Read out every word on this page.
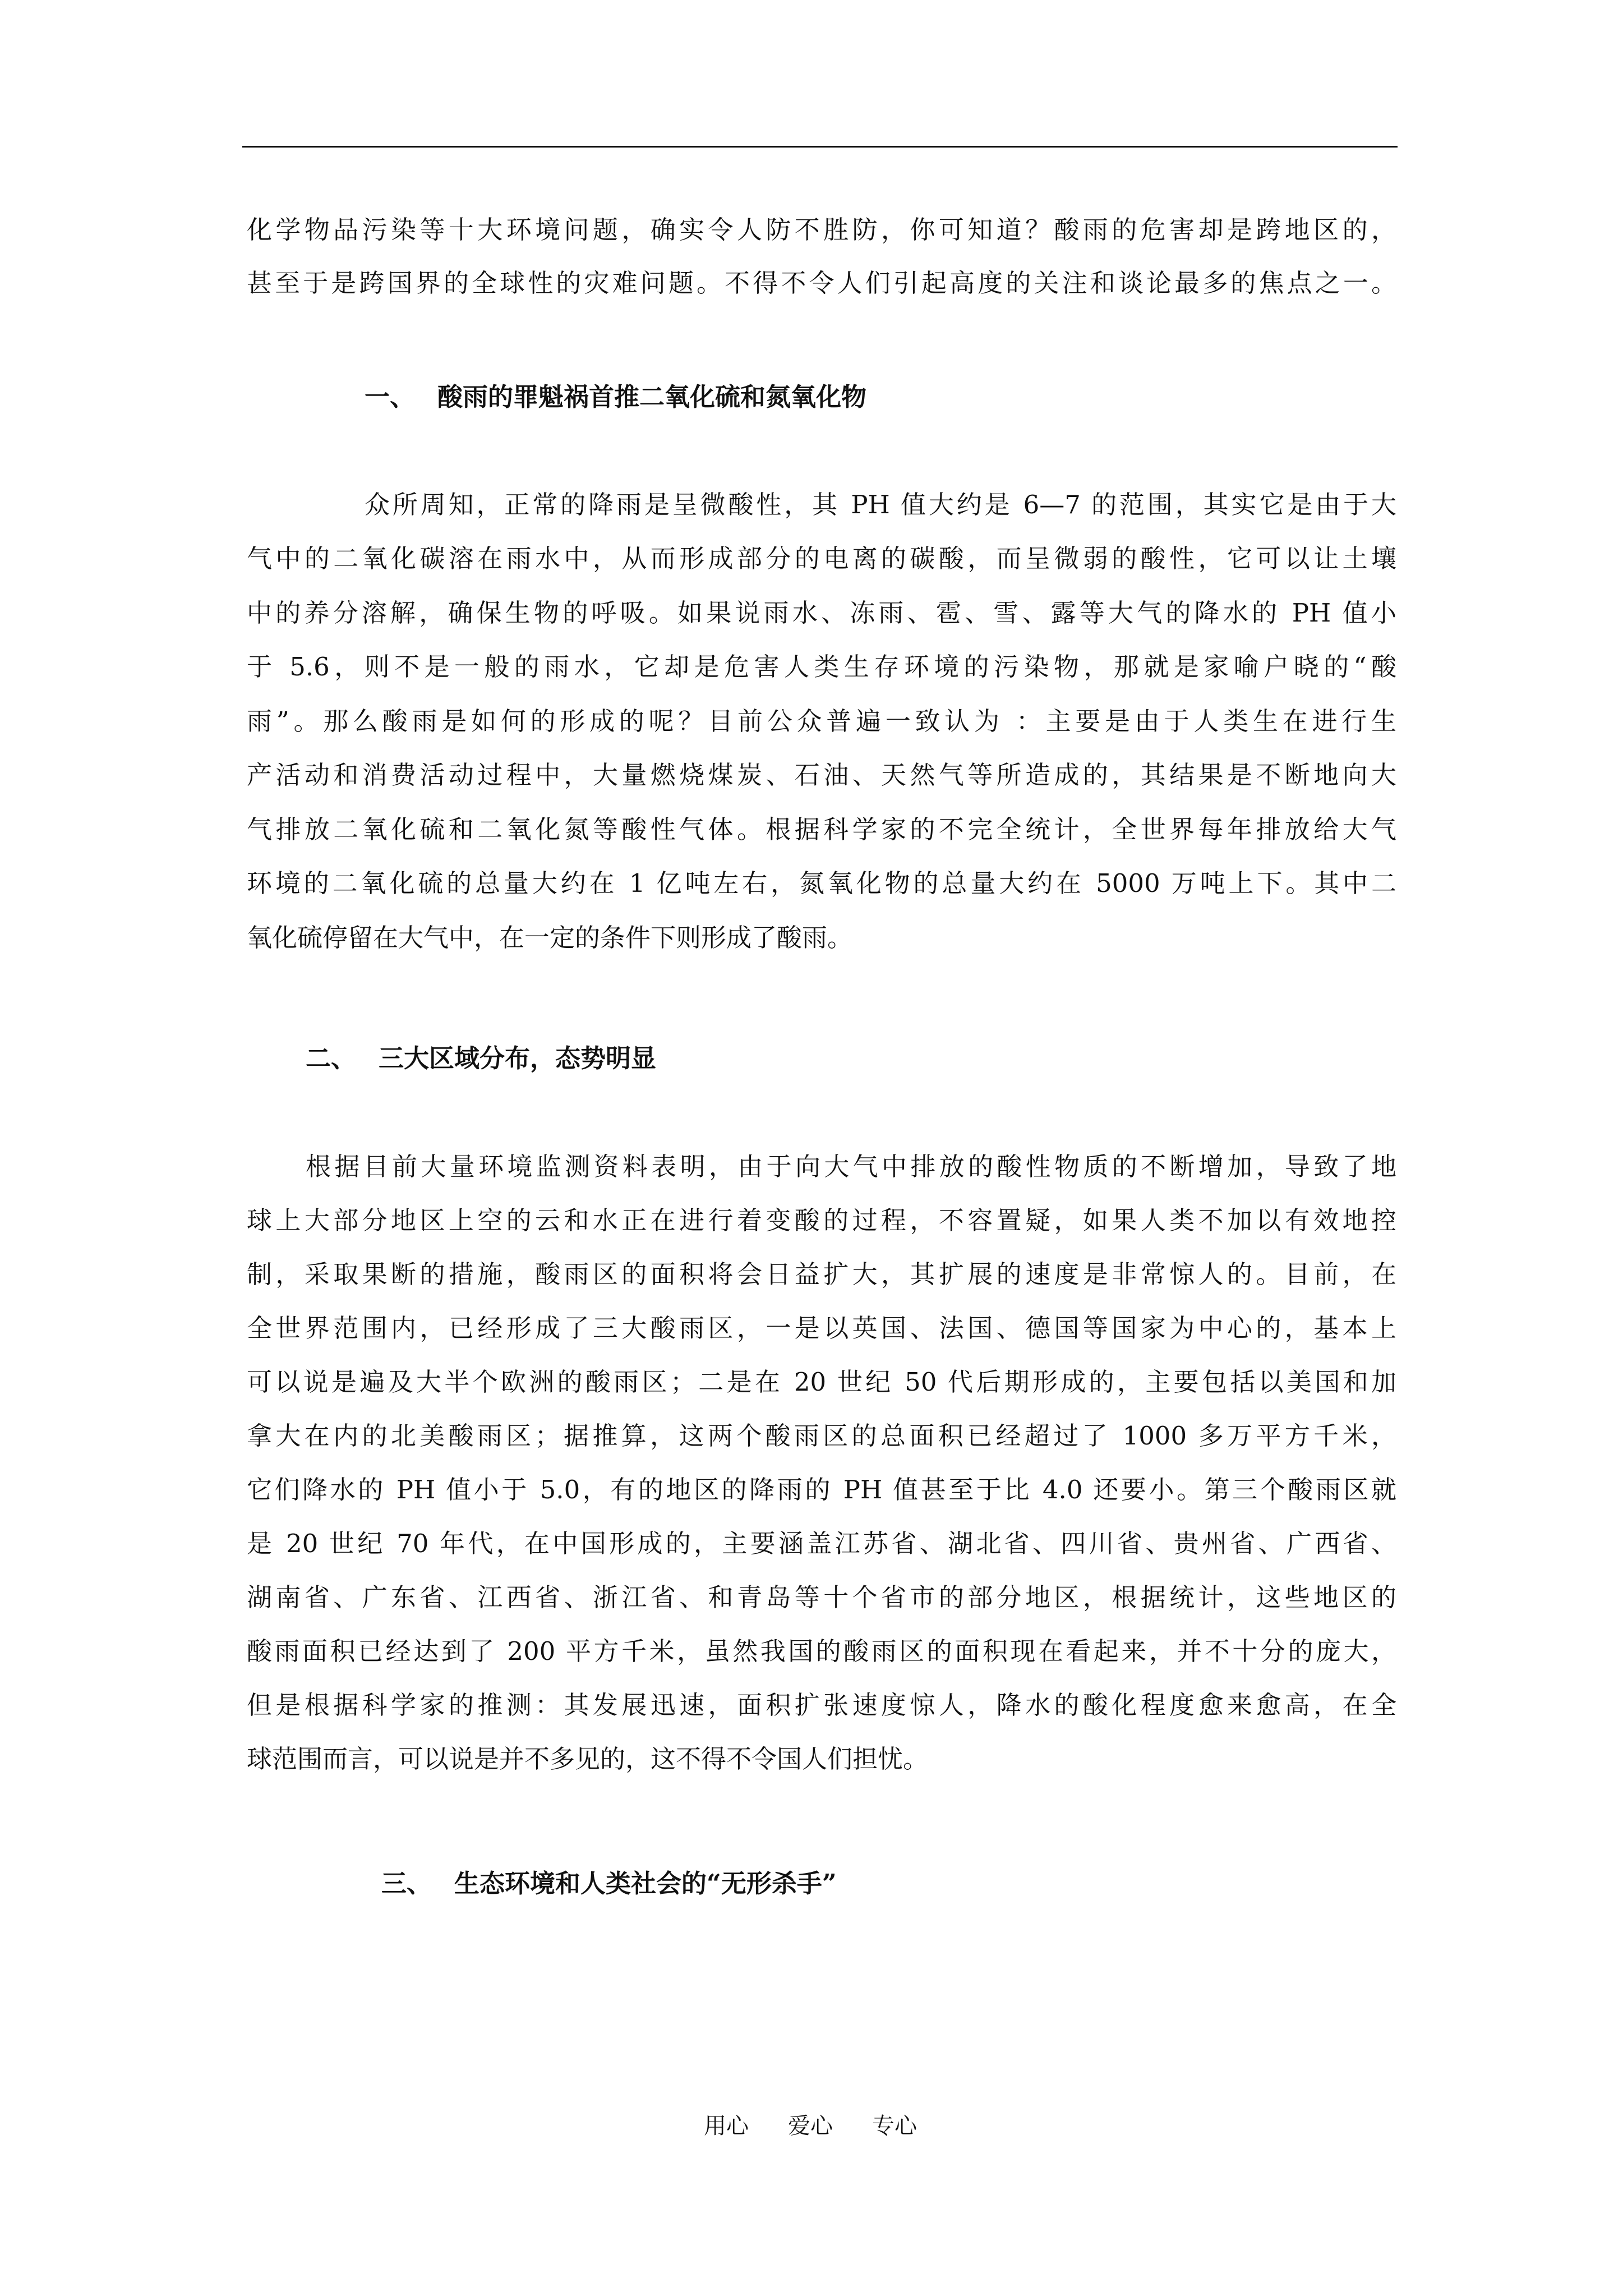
化学物品污染等十大环境问题，确实令人防不胜防，你可知道？酸雨的危害却是跨地区的，
甚至于是跨国界的全球性的灾难问题。不得不令人们引起高度的关注和谈论最多的焦点之一。
一、 酸雨的罪魁祸首推二氧化硫和氮氧化物
众所周知，正常的降雨是呈微酸性，其 PH 值大约是 6—7 的范围，其实它是由于大
气中的二氧化碳溶在雨水中，从而形成部分的电离的碳酸，而呈微弱的酸性，它可以让土壤
中的养分溶解，确保生物的呼吸。如果说雨水、冻雨、雹、雪、露等大气的降水的 PH 值小
于 5.6，则不是一般的雨水，它却是危害人类生存环境的污染物，那就是家喻户晓的“酸
雨”。那么酸雨是如何的形成的呢？目前公众普遍一致认为 ：主要是由于人类生在进行生
产活动和消费活动过程中，大量燃烧煤炭、石油、天然气等所造成的，其结果是不断地向大
气排放二氧化硫和二氧化氮等酸性气体。根据科学家的不完全统计，全世界每年排放给大气
环境的二氧化硫的总量大约在 1 亿吨左右，氮氧化物的总量大约在 5000 万吨上下。其中二
氧化硫停留在大气中，在一定的条件下则形成了酸雨。
二、 三大区域分布，态势明显
根据目前大量环境监测资料表明，由于向大气中排放的酸性物质的不断增加，导致了地
球上大部分地区上空的云和水正在进行着变酸的过程，不容置疑，如果人类不加以有效地控
制，采取果断的措施，酸雨区的面积将会日益扩大，其扩展的速度是非常惊人的。目前，在
全世界范围内，已经形成了三大酸雨区，一是以英国、法国、德国等国家为中心的，基本上
可以说是遍及大半个欧洲的酸雨区；二是在 20 世纪 50 代后期形成的，主要包括以美国和加
拿大在内的北美酸雨区；据推算，这两个酸雨区的总面积已经超过了 1000 多万平方千米，
它们降水的 PH 值小于 5.0，有的地区的降雨的 PH 值甚至于比 4.0 还要小。第三个酸雨区就
是 20 世纪 70 年代，在中国形成的，主要涵盖江苏省、湖北省、四川省、贵州省、广西省、
湖南省、广东省、江西省、浙江省、和青岛等十个省市的部分地区，根据统计，这些地区的
酸雨面积已经达到了 200 平方千米，虽然我国的酸雨区的面积现在看起来，并不十分的庞大，
但是根据科学家的推测：其发展迅速，面积扩张速度惊人，降水的酸化程度愈来愈高，在全
球范围而言，可以说是并不多见的，这不得不令国人们担忧。
三、 生态环境和人类社会的“无形杀手”
用心 爱心 专心
